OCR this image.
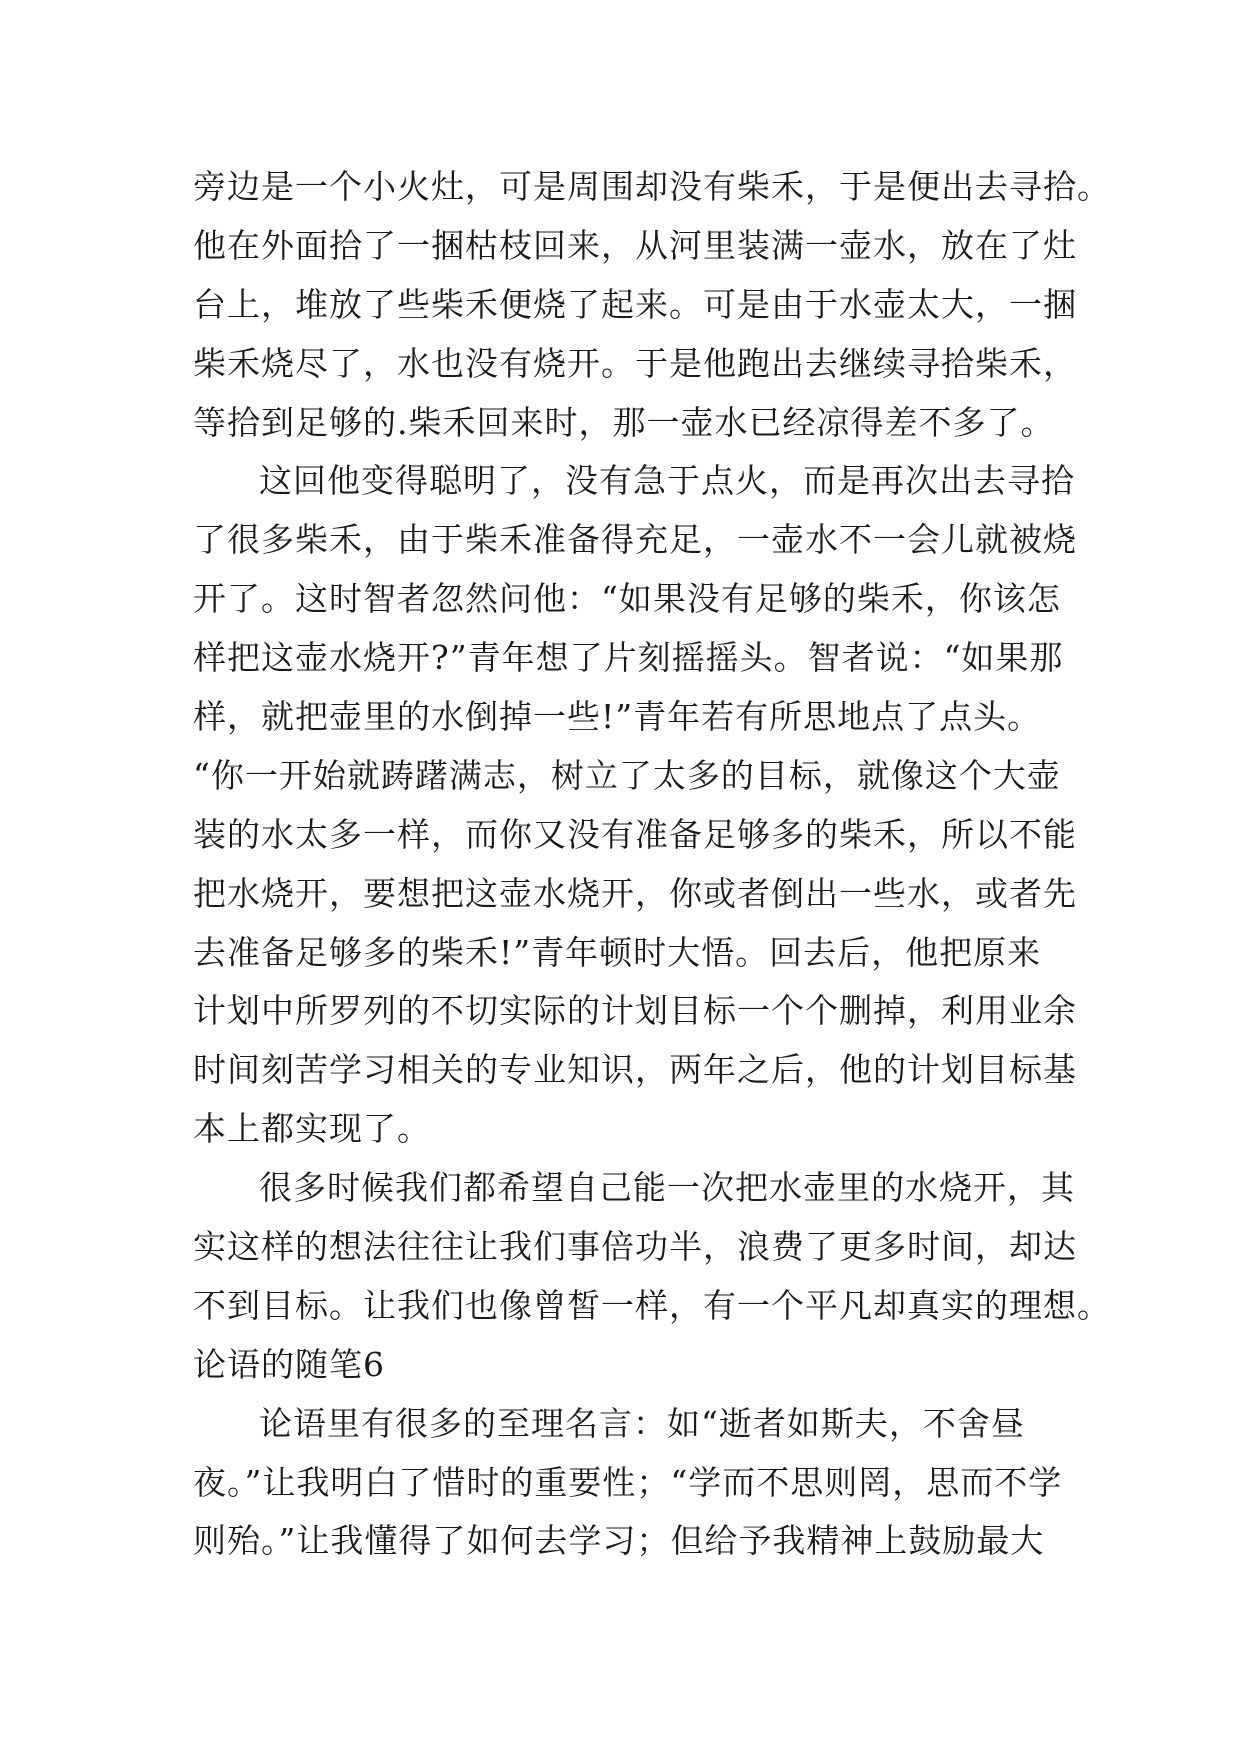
旁边是一个小火灶，可是周围却没有柴禾，于是便出去寻拾。
他在外面拾了一捆枯枝回来，从河里装满一壶水，放在了灶
台上，堆放了些柴禾便烧了起来。可是由于水壶太大，一捆
柴禾烧尽了，水也没有烧开。于是他跑出去继续寻拾柴禾，
等拾到足够的.柴禾回来时，那一壶水已经凉得差不多了。
这回他变得聪明了，没有急于点火，而是再次出去寻拾
了很多柴禾，由于柴禾准备得充足，一壶水不一会儿就被烧
开了。这时智者忽然问他：“如果没有足够的柴禾，你该怎
样把这壶水烧开?”青年想了片刻摇摇头。智者说：“如果那
样，就把壶里的水倒掉一些!”青年若有所思地点了点头。
“你一开始就踌躇满志，树立了太多的目标，就像这个大壶
装的水太多一样，而你又没有准备足够多的柴禾，所以不能
把水烧开，要想把这壶水烧开，你或者倒出一些水，或者先
去准备足够多的柴禾!”青年顿时大悟。回去后，他把原来
计划中所罗列的不切实际的计划目标一个个删掉，利用业余
时间刻苦学习相关的专业知识，两年之后，他的计划目标基
本上都实现了。
很多时候我们都希望自己能一次把水壶里的水烧开，其
实这样的想法往往让我们事倍功半，浪费了更多时间，却达
不到目标。让我们也像曾皙一样，有一个平凡却真实的理想。
论语的随笔6
论语里有很多的至理名言：如“逝者如斯夫，不舍昼
夜。”让我明白了惜时的重要性；“学而不思则罔，思而不学
则殆。”让我懂得了如何去学习；但给予我精神上鼓励最大
